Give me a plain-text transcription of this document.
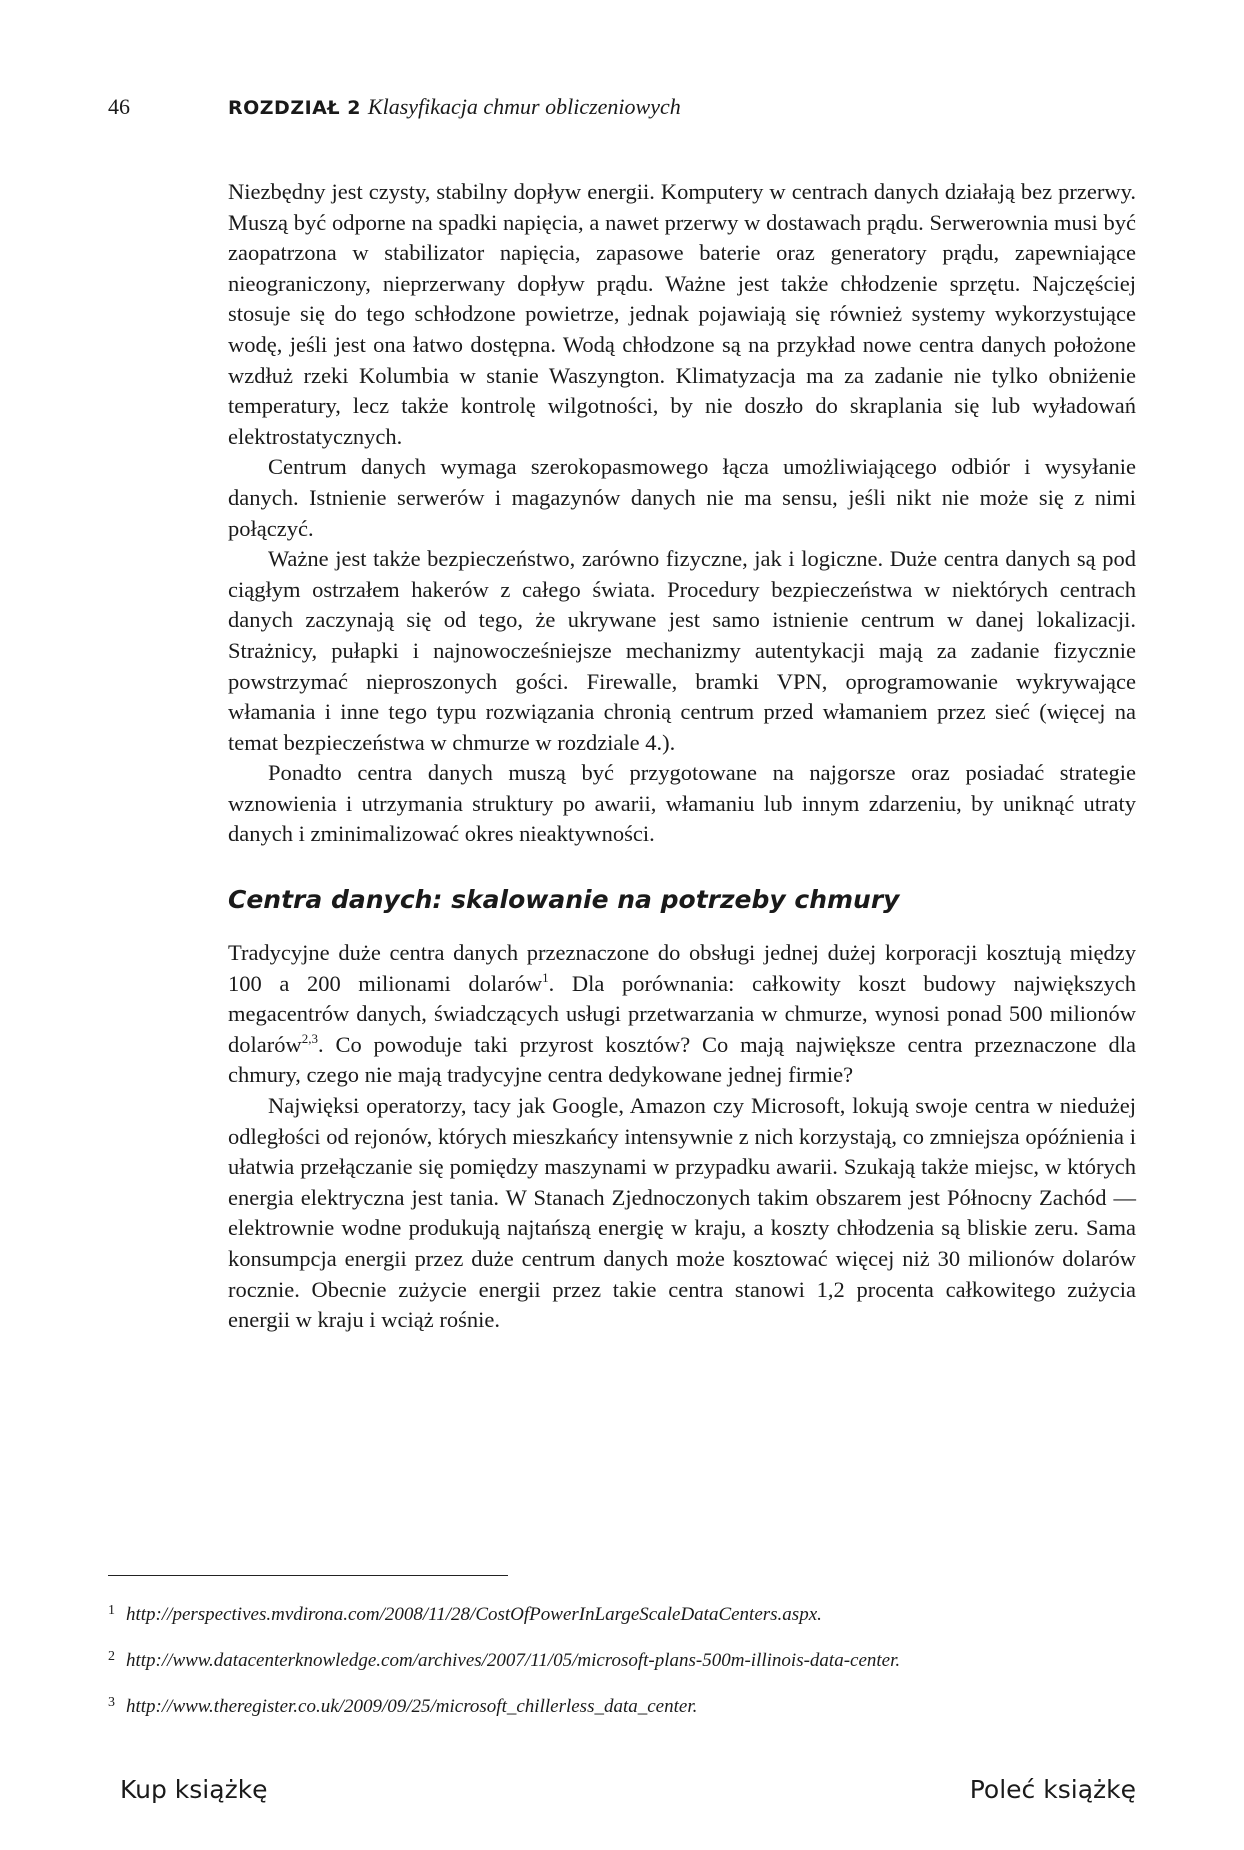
46	ROZDZIAŁ 2 Klasyfikacja chmur obliczeniowych

Niezbędny jest czysty, stabilny dopływ energii. Komputery w centrach danych działają bez przerwy. Muszą być odporne na spadki napięcia, a nawet przerwy w dostawach prądu. Serwerownia musi być zaopatrzona w stabilizator napięcia, zapasowe baterie oraz generatory prądu, zapewniające nieograniczony, nieprzerwany dopływ prądu. Ważne jest także chłodzenie sprzętu. Najczęściej stosuje się do tego schłodzone powietrze, jednak pojawiają się również systemy wykorzystujące wodę, jeśli jest ona łatwo dostępna. Wodą chłodzone są na przykład nowe centra danych położone wzdłuż rzeki Kolumbia w stanie Waszyngton. Klimatyzacja ma za zadanie nie tylko obniżenie temperatury, lecz także kontrolę wilgotności, by nie doszło do skraplania się lub wyładowań elektrostatycznych.

Centrum danych wymaga szerokopasmowego łącza umożliwiającego odbiór i wysyłanie danych. Istnienie serwerów i magazynów danych nie ma sensu, jeśli nikt nie może się z nimi połączyć.

Ważne jest także bezpieczeństwo, zarówno fizyczne, jak i logiczne. Duże centra danych są pod ciągłym ostrzałem hakerów z całego świata. Procedury bezpieczeństwa w niektórych centrach danych zaczynają się od tego, że ukrywane jest samo istnienie centrum w danej lokalizacji. Strażnicy, pułapki i najnowocześniejsze mechanizmy autentykacji mają za zadanie fizycznie powstrzymać nieproszonych gości. Firewalle, bramki VPN, oprogramowanie wykrywające włamania i inne tego typu rozwiązania chronią centrum przed włamaniem przez sieć (więcej na temat bezpieczeństwa w chmurze w rozdziale 4.).

Ponadto centra danych muszą być przygotowane na najgorsze oraz posiadać strategie wznowienia i utrzymania struktury po awarii, włamaniu lub innym zdarzeniu, by uniknąć utraty danych i zminimalizować okres nieaktywności.

Centra danych: skalowanie na potrzeby chmury

Tradycyjne duże centra danych przeznaczone do obsługi jednej dużej korporacji kosztują między 100 a 200 milionami dolarów$^1$. Dla porównania: całkowity koszt budowy największych megacentrów danych, świadczących usługi przetwarzania w chmurze, wynosi ponad 500 milionów dolarów$^{2,3}$. Co powoduje taki przyrost kosztów? Co mają największe centra przeznaczone dla chmury, czego nie mają tradycyjne centra dedykowane jednej firmie?

Najwięksi operatorzy, tacy jak Google, Amazon czy Microsoft, lokują swoje centra w niedużej odległości od rejonów, których mieszkańcy intensywnie z nich korzystają, co zmniejsza opóźnienia i ułatwia przełączanie się pomiędzy maszynami w przypadku awarii. Szukają także miejsc, w których energia elektryczna jest tania. W Stanach Zjednoczonych takim obszarem jest Północny Zachód — elektrownie wodne produkują najtańszą energię w kraju, a koszty chłodzenia są bliskie zeru. Sama konsumpcja energii przez duże centrum danych może kosztować więcej niż 30 milionów dolarów rocznie. Obecnie zużycie energii przez takie centra stanowi 1,2 procenta całkowitego zużycia energii w kraju i wciąż rośnie.

1 http://perspectives.mvdirona.com/2008/11/28/CostOfPowerInLargeScaleDataCenters.aspx.
2 http://www.datacenterknowledge.com/archives/2007/11/05/microsoft-plans-500m-illinois-data-center.
3 http://www.theregister.co.uk/2009/09/25/microsoft_chillerless_data_center.
Kup książkę	Poleć książkę
